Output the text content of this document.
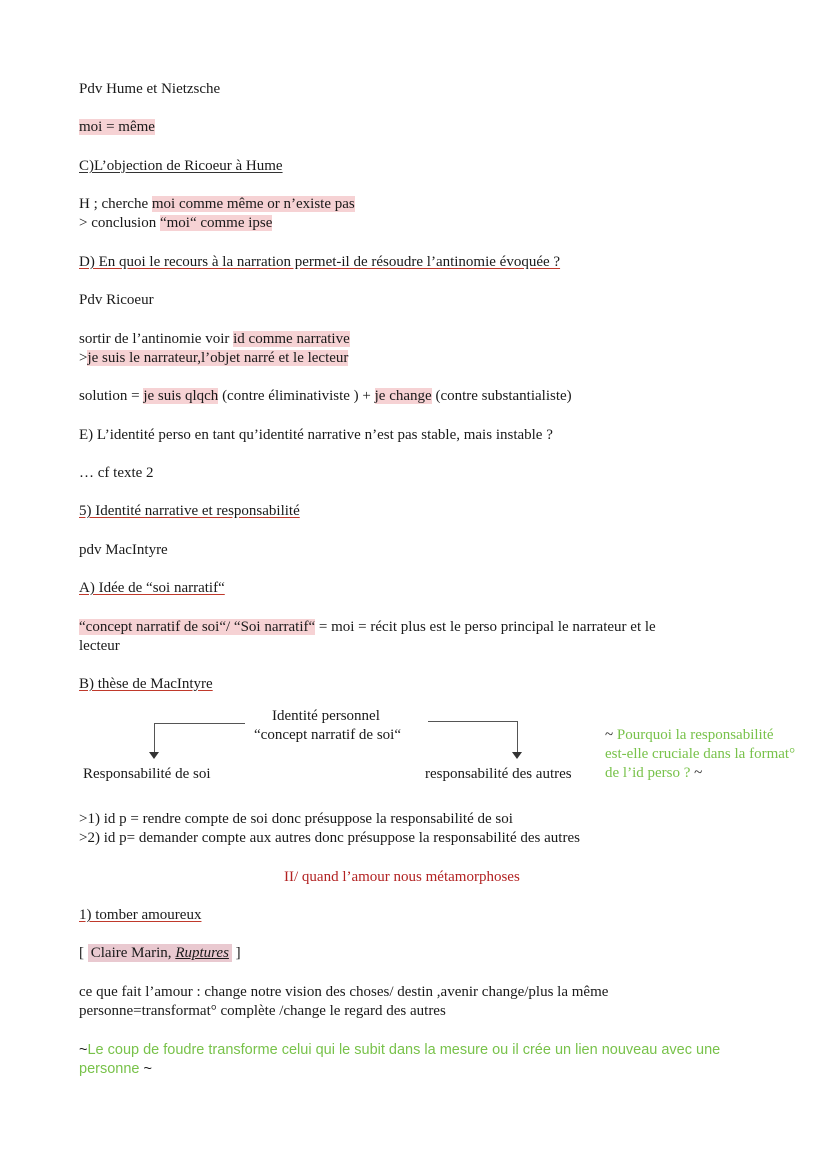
Pdv Hume et Nietzsche
moi = même
C)L’objection de Ricoeur à Hume
H ; cherche moi comme même or n’existe pas
> conclusion “moi“ comme ipse
D) En quoi le recours à la narration permet-il de résoudre l’antinomie évoquée ?
Pdv Ricoeur
sortir de l’antinomie voir id comme narrative
>je suis le narrateur,l’objet narré et le lecteur
solution = je suis qlqch (contre éliminativiste ) + je change (contre substantialiste)
E) L’identité perso en tant qu’identité narrative n’est pas stable, mais instable ?
… cf texte 2
5) Identité narrative et responsabilité
pdv MacIntyre
A) Idée de “soi narratif“
“concept narratif de soi“/ “Soi narratif“ = moi = récit plus est le perso principal le narrateur et le
lecteur
B) thèse de MacIntyre
Identité personnel
“concept narratif de soi“
Responsabilité de soi	responsabilité des autres
~ Pourquoi la responsabilité
est-elle cruciale dans la format°
de l’id perso ? ~
>1) id p = rendre compte de soi donc présuppose la responsabilité de soi
>2) id p= demander compte aux autres donc présuppose la responsabilité des autres
II/ quand l’amour nous métamorphoses
1) tomber amoureux
[ Claire Marin, Ruptures ]
ce que fait l’amour : change notre vision des choses/ destin ,avenir change/plus la même
personne=transformat° complète /change le regard des autres
~Le coup de foudre transforme celui qui le subit dans la mesure ou il crée un lien nouveau avec une
personne ~
